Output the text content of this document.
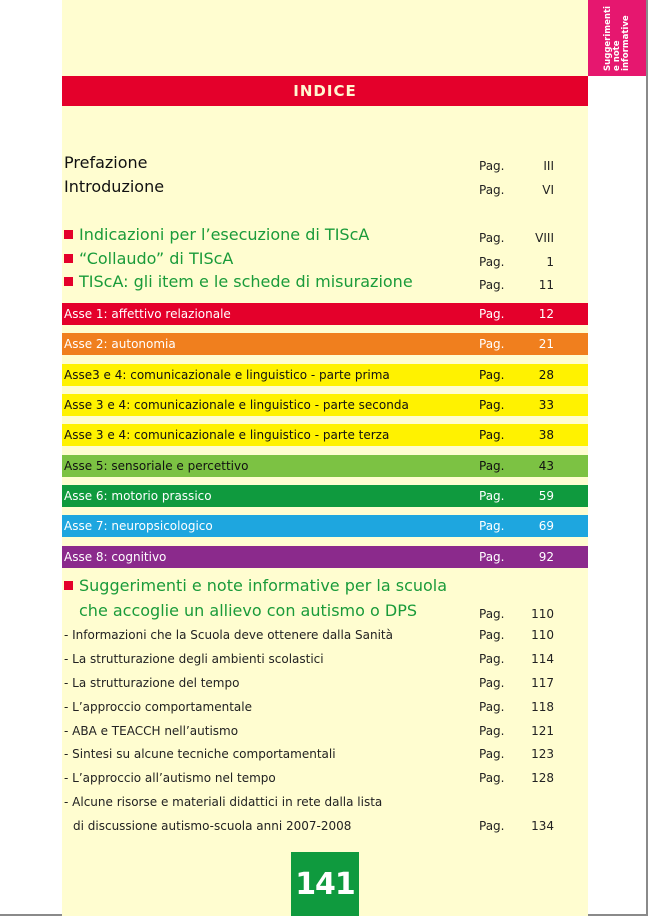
Suggerimenti e note informative
INDICE
Prefazione	Pag.	III
Introduzione	Pag.	VI
Indicazioni per l’esecuzione di TIScA	Pag.	VIII
“Collaudo” di TIScA	Pag.	1
TIScA: gli item e le schede di misurazione	Pag.	11
Asse 1: affettivo relazionale	Pag.	12
Asse 2: autonomia	Pag.	21
Asse3 e 4: comunicazionale e linguistico - parte prima	Pag.	28
Asse 3 e 4: comunicazionale e linguistico - parte seconda	Pag.	33
Asse 3 e 4: comunicazionale e linguistico - parte terza	Pag.	38
Asse 5: sensoriale e percettivo	Pag.	43
Asse 6: motorio prassico	Pag.	59
Asse 7: neuropsicologico	Pag.	69
Asse 8: cognitivo	Pag.	92
Suggerimenti e note informative per la scuola
che accoglie un allievo con autismo o DPS	Pag. 110
- Informazioni che la Scuola deve ottenere dalla Sanità	Pag. 110
- La strutturazione degli ambienti scolastici	Pag. 114
- La strutturazione del tempo	Pag. 117
- L’approccio comportamentale	Pag. 118
- ABA e TEACCH nell’autismo	Pag. 121
- Sintesi su alcune tecniche comportamentali	Pag. 123
- L’approccio all’autismo nel tempo	Pag. 128
- Alcune risorse e materiali didattici in rete dalla lista
di discussione autismo-scuola anni 2007-2008	Pag. 134
141
